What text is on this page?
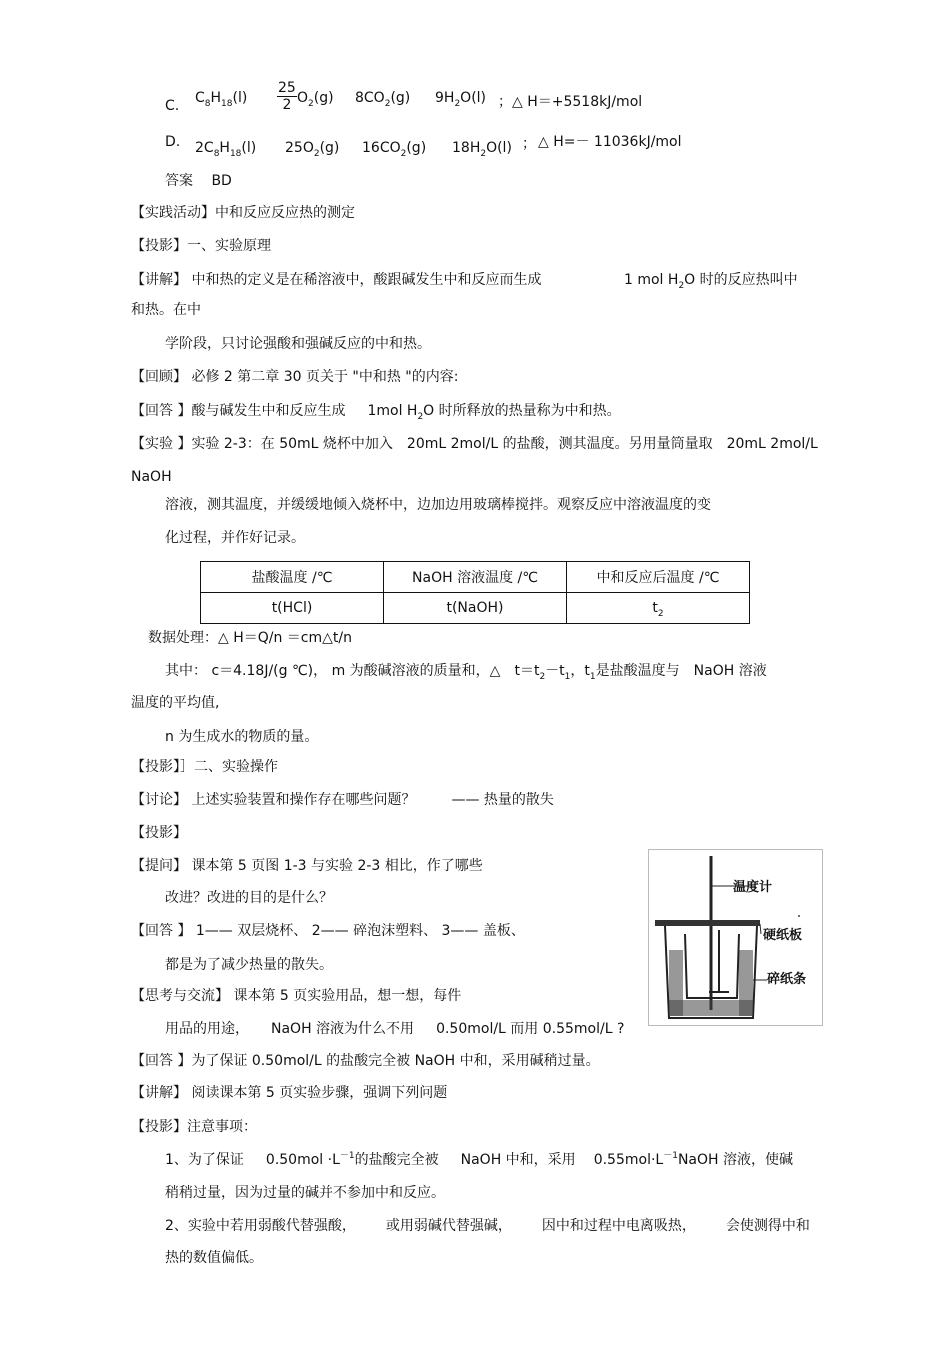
C. $C_8H_{18}(l) \frac{25}{2} O_2(g)$ $8CO_2(g)$ $9H_2O(l)$ ；△ H＝+5518kJ/mol
D. $2C_8H_{18}(l)$ $25O_2(g)$ $16CO_2(g)$ $18H_2O(l)$ ； △ H=－ 11036kJ/mol
答案 BD
【实践活动】中和反应反应热的测定
【投影】一、实验原理
【讲解】 中和热的定义是在稀溶液中，酸跟碱发生中和反应而生成	1 mol $H_2O$ 时的反应热叫中
和热。在中
学阶段，只讨论强酸和强碱反应的中和热。
【回顾】 必修 2 第二章 30 页关于 "中和热 "的内容:
【回答 】酸与碱发生中和反应生成 1mol $H_2O$ 时所释放的热量称为中和热。
【实验 】实验 2-3：在 50mL 烧杯中加入 20mL 2mol/L 的盐酸，测其温度。另用量筒量取 20mL 2mol/L
NaOH
溶液，测其温度，并缓缓地倾入烧杯中，边加边用玻璃棒搅拌。观察反应中溶液温度的变
化过程，并作好记录。
盐酸温度 /℃	NaOH 溶液温度 /℃	中和反应后温度 /℃
t(HCl)	t(NaOH)	$t_2$
数据处理：△ H＝Q/n ＝cm△t/n
其中： c＝4.18J/(g ℃)， m 为酸碱溶液的质量和，△ $t=t_2-t_1$，$t_1$是盐酸温度与 NaOH 溶液
温度的平均值,
n 为生成水的物质的量。
【投影】］二、实验操作
【讨论】 上述实验装置和操作存在哪些问题？	—— 热量的散失
【投影】
【提问】 课本第 5 页图 1-3 与实验 2-3 相比，作了哪些
改进？改进的目的是什么？
【回答 】 1—— 双层烧杯、 2—— 碎泡沫塑料、 3—— 盖板、
都是为了减少热量的散失。
【思考与交流】 课本第 5 页实验用品，想一想，每件
用品的用途， NaOH 溶液为什么不用 0.50mol/L 而用 0.55mol/L ?
【回答 】为了保证 0.50mol/L 的盐酸完全被 NaOH 中和，采用碱稍过量。
【讲解】 阅读课本第 5 页实验步骤，强调下列问题
【投影】注意事项：
1、为了保证 $0.50mol \cdot L^{-1}$的盐酸完全被 NaOH 中和，采用 $0.55mol\cdot L^{-1}NaOH$ 溶液，使碱
稍稍过量，因为过量的碱并不参加中和反应。
2、实验中若用弱酸代替强酸， 或用弱碱代替强碱， 因中和过程中电离吸热， 会使测得中和
热的数值偏低。
温度计
硬纸板
碎纸条
